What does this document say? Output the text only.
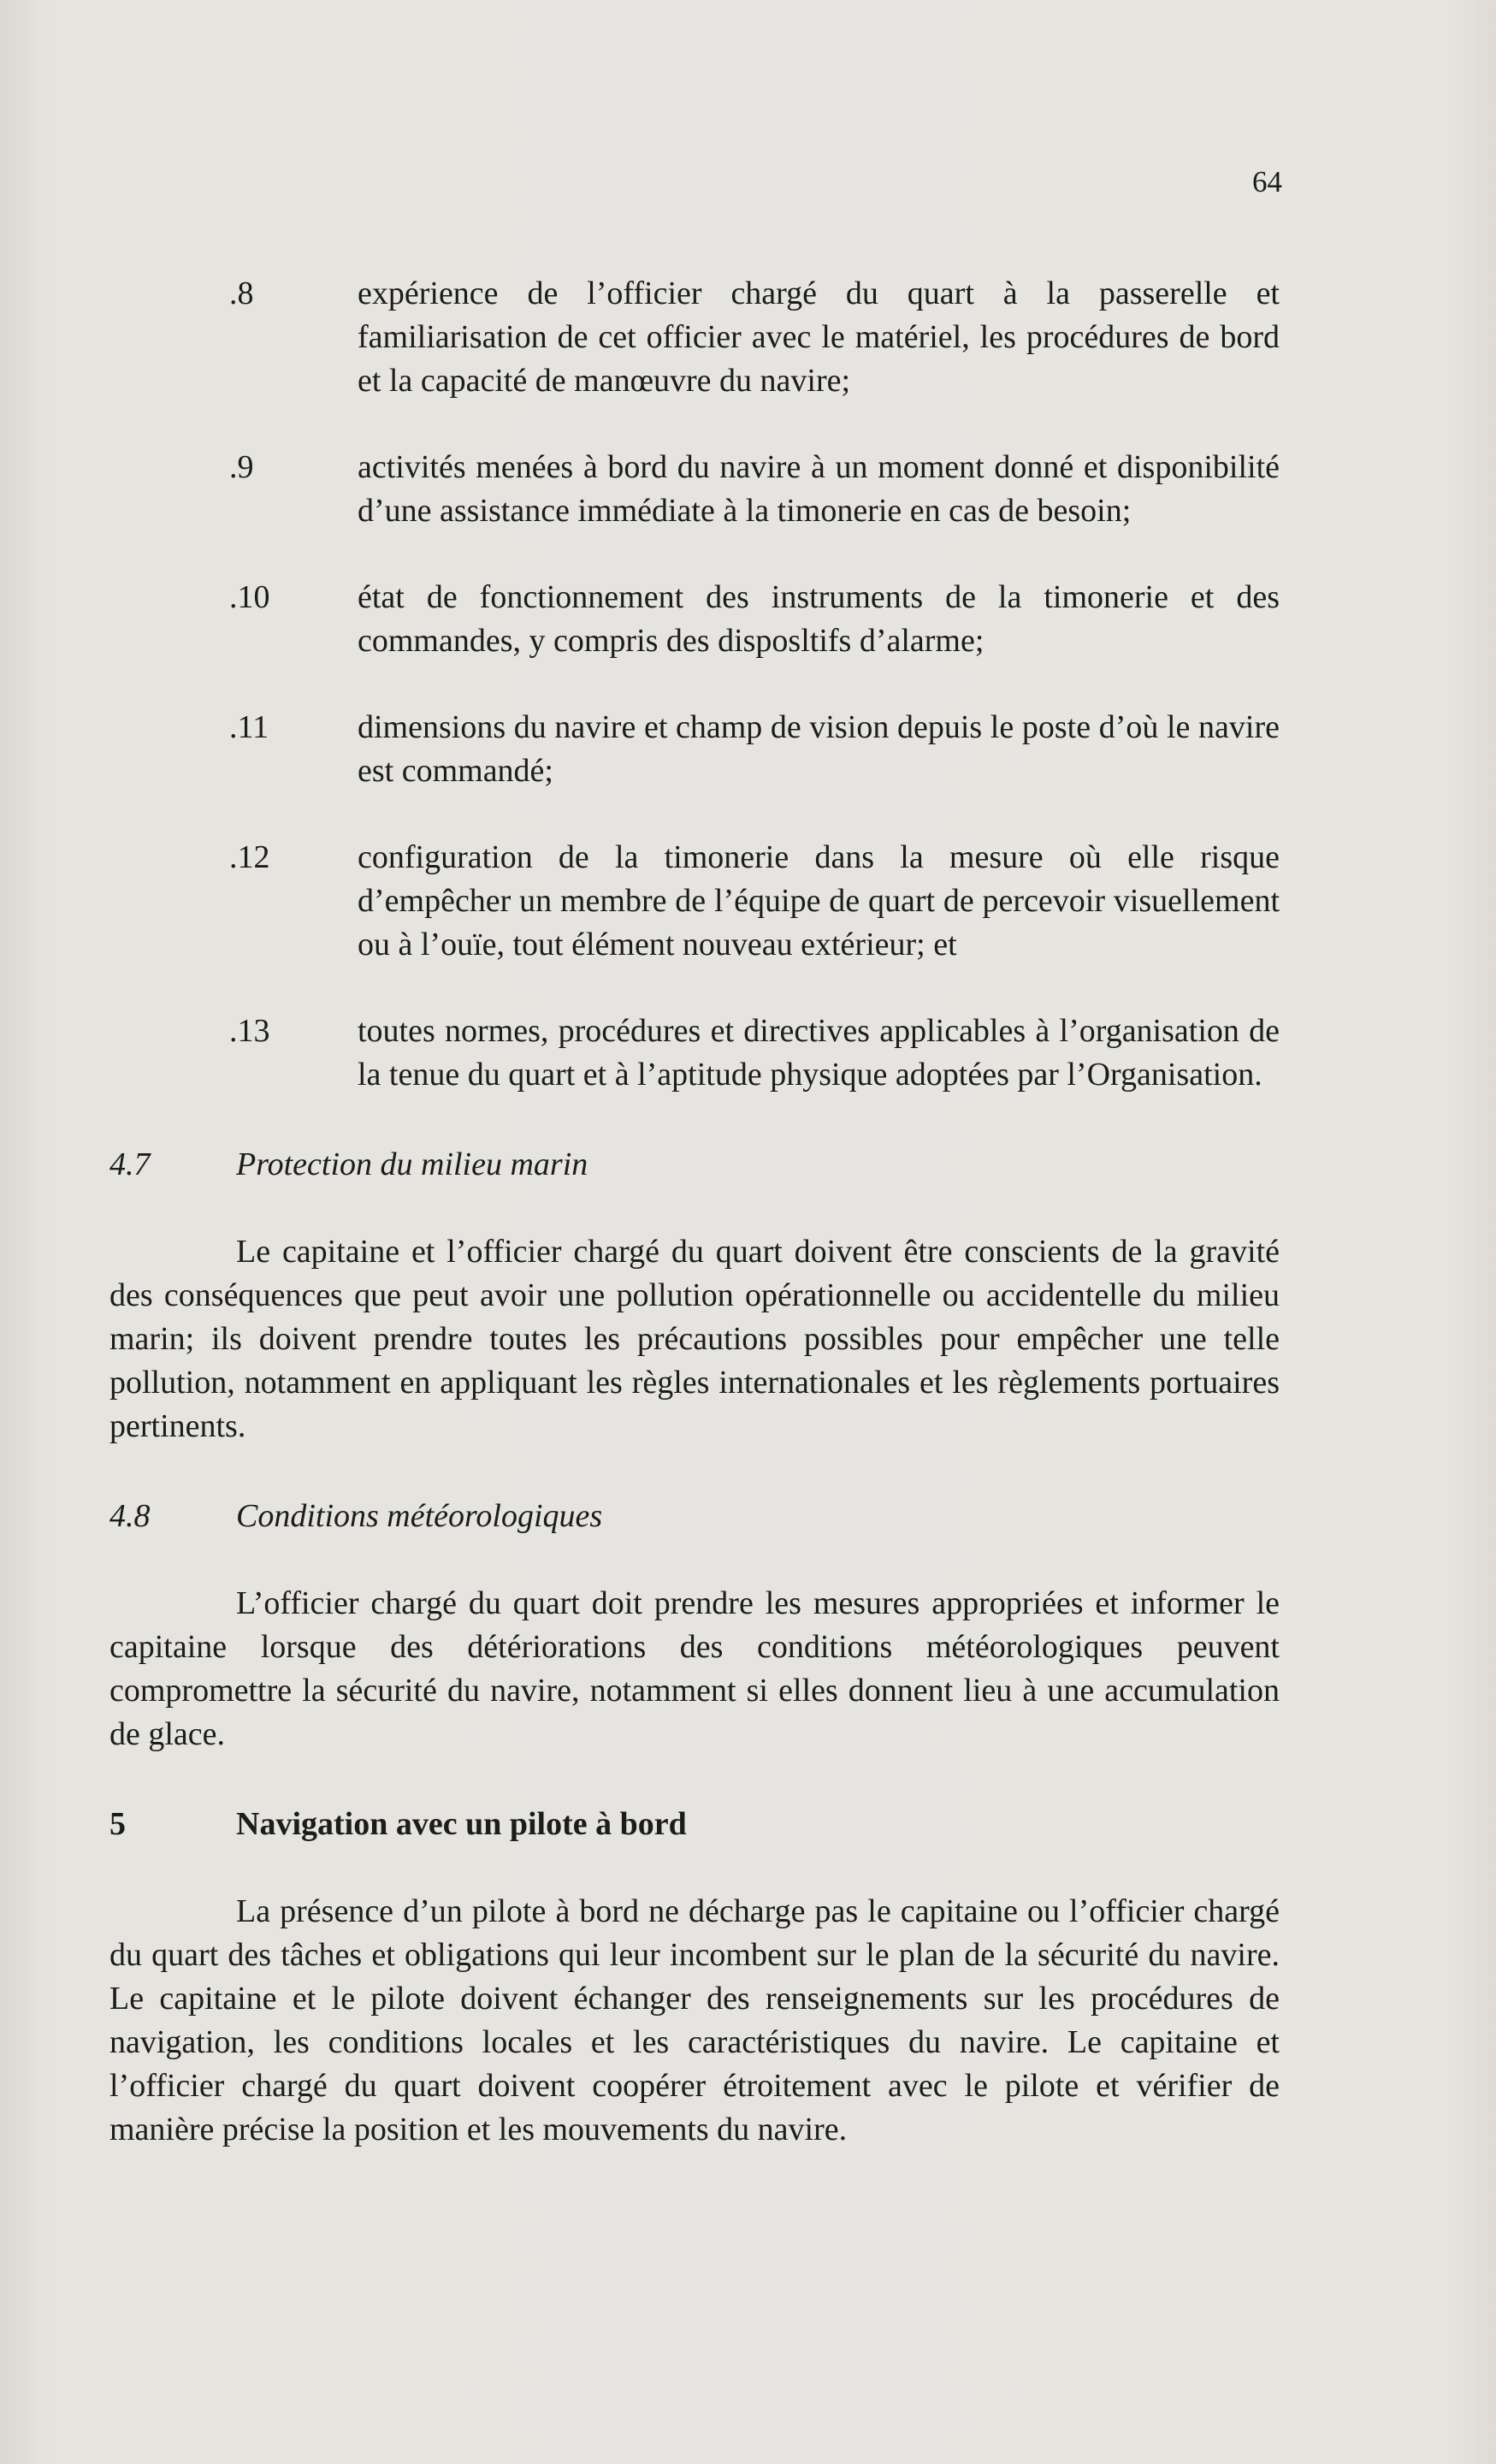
64
.8	expérience de l’officier chargé du quart à la passerelle et familiarisation de cet officier avec le matériel, les procédures de bord et la capacité de manœuvre du navire;
.9	activités menées à bord du navire à un moment donné et disponibilité d’une assistance immédiate à la timonerie en cas de besoin;
.10	état de fonctionnement des instruments de la timonerie et des commandes, y compris des disposltifs d’alarme;
.11	dimensions du navire et champ de vision depuis le poste d’où le navire est commandé;
.12	configuration de la timonerie dans la mesure où elle risque d’empêcher un membre de l’équipe de quart de percevoir visuellement ou à l’ouïe, tout élément nouveau extérieur; et
.13	toutes normes, procédures et directives applicables à l’organisation de la tenue du quart et à l’aptitude physique adoptées par l’Organisation.
4.7	Protection du milieu marin

Le capitaine et l’officier chargé du quart doivent être conscients de la gravité des conséquences que peut avoir une pollution opérationnelle ou accidentelle du milieu marin; ils doivent prendre toutes les précautions possibles pour empêcher une telle pollution, notamment en appliquant les règles internationales et les règlements portuaires pertinents.

4.8	Conditions météorologiques

L’officier chargé du quart doit prendre les mesures appropriées et informer le capitaine lorsque des détériorations des conditions météorologiques peuvent compromettre la sécurité du navire, notamment si elles donnent lieu à une accumulation de glace.

5	Navigation avec un pilote à bord

La présence d’un pilote à bord ne décharge pas le capitaine ou l’officier chargé du quart des tâches et obligations qui leur incombent sur le plan de la sécurité du navire. Le capitaine et le pilote doivent échanger des renseignements sur les procédures de navigation, les conditions locales et les caractéristiques du navire. Le capitaine et l’officier chargé du quart doivent coopérer étroitement avec le pilote et vérifier de manière précise la position et les mouvements du navire.
